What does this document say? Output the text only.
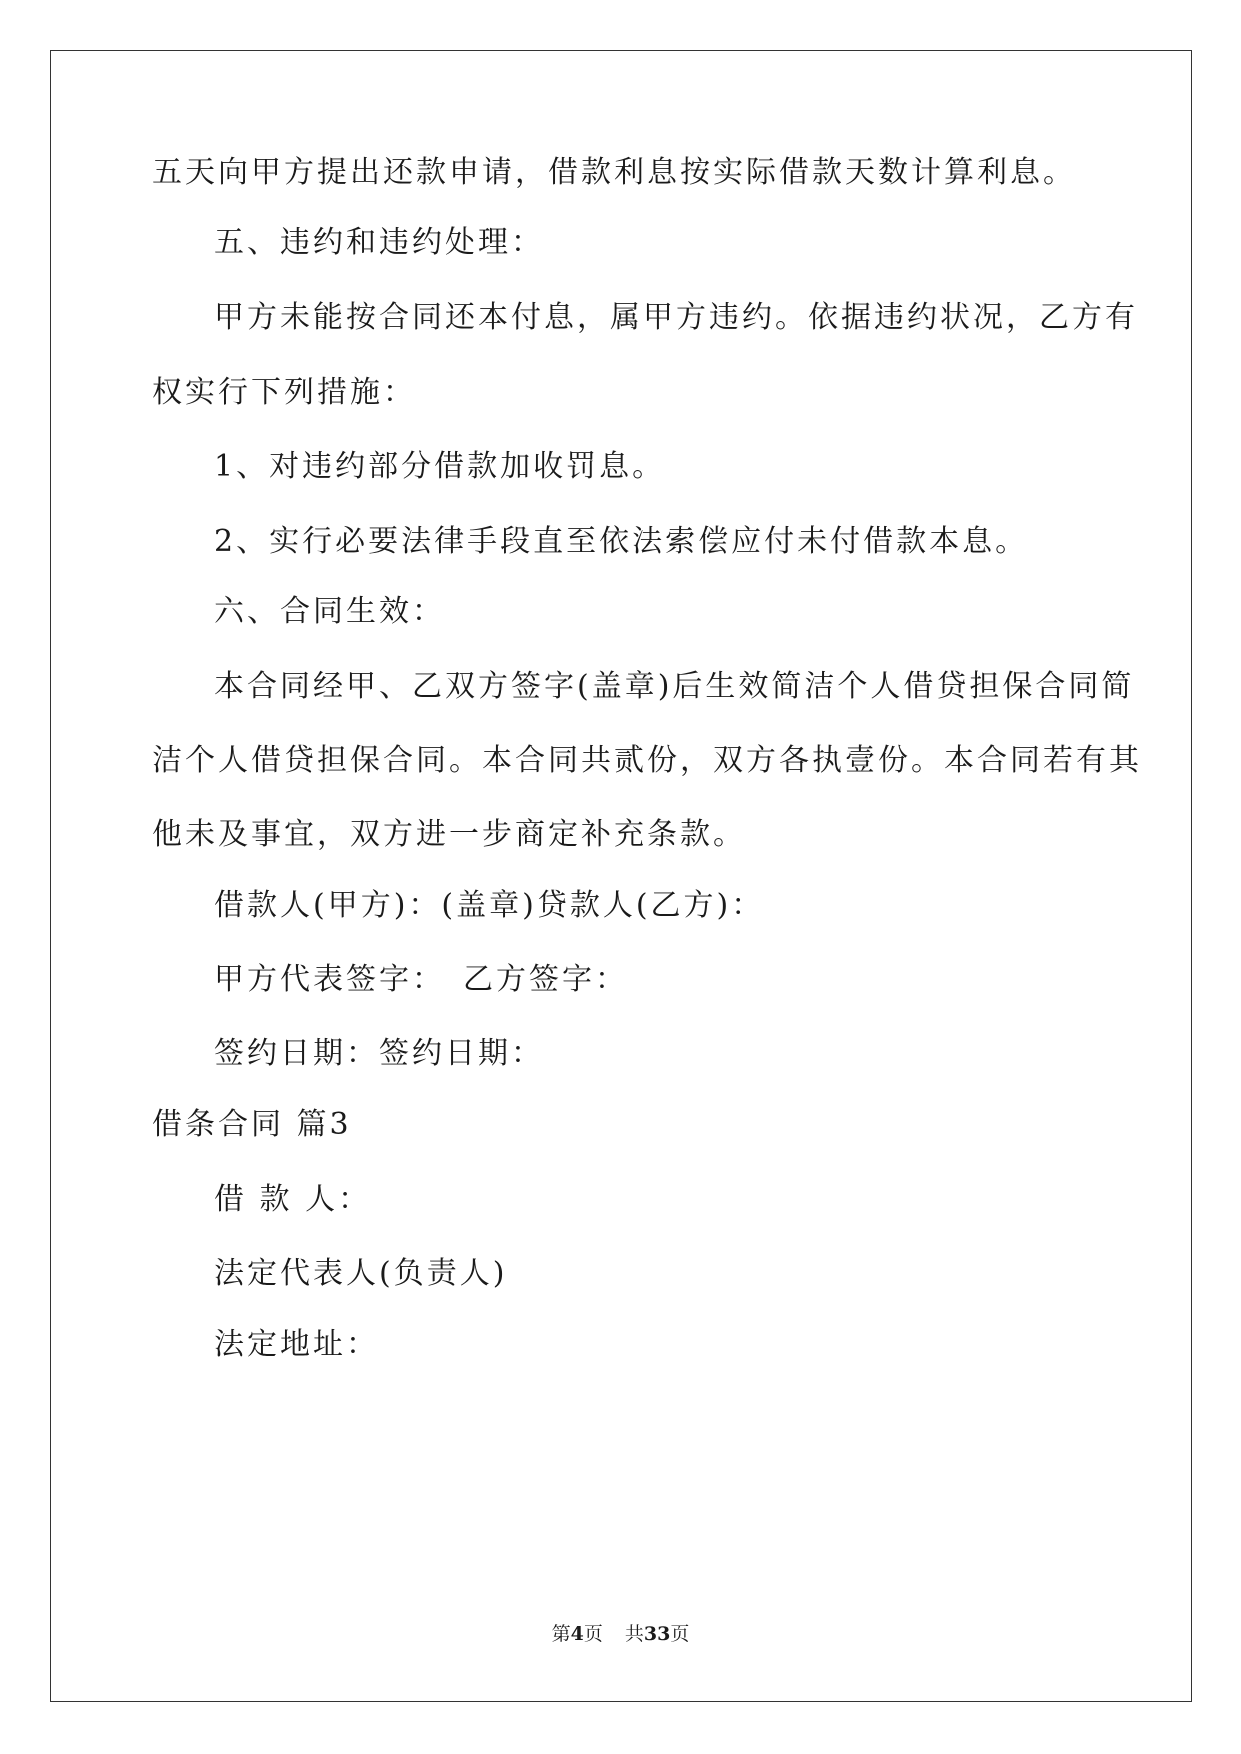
五天向甲方提出还款申请，借款利息按实际借款天数计算利息。
五、违约和违约处理：
甲方未能按合同还本付息，属甲方违约。依据违约状况，乙方有
权实行下列措施：
1、对违约部分借款加收罚息。
2、实行必要法律手段直至依法索偿应付未付借款本息。
六、合同生效：
本合同经甲、乙双方签字(盖章)后生效简洁个人借贷担保合同简
洁个人借贷担保合同。本合同共贰份，双方各执壹份。本合同若有其
他未及事宜，双方进一步商定补充条款。
借款人(甲方)：(盖章)贷款人(乙方)：
甲方代表签字：　乙方签字：
签约日期：签约日期：
借条合同 篇3
借 款 人：
法定代表人(负责人)
法定地址：
第4页 共33页
